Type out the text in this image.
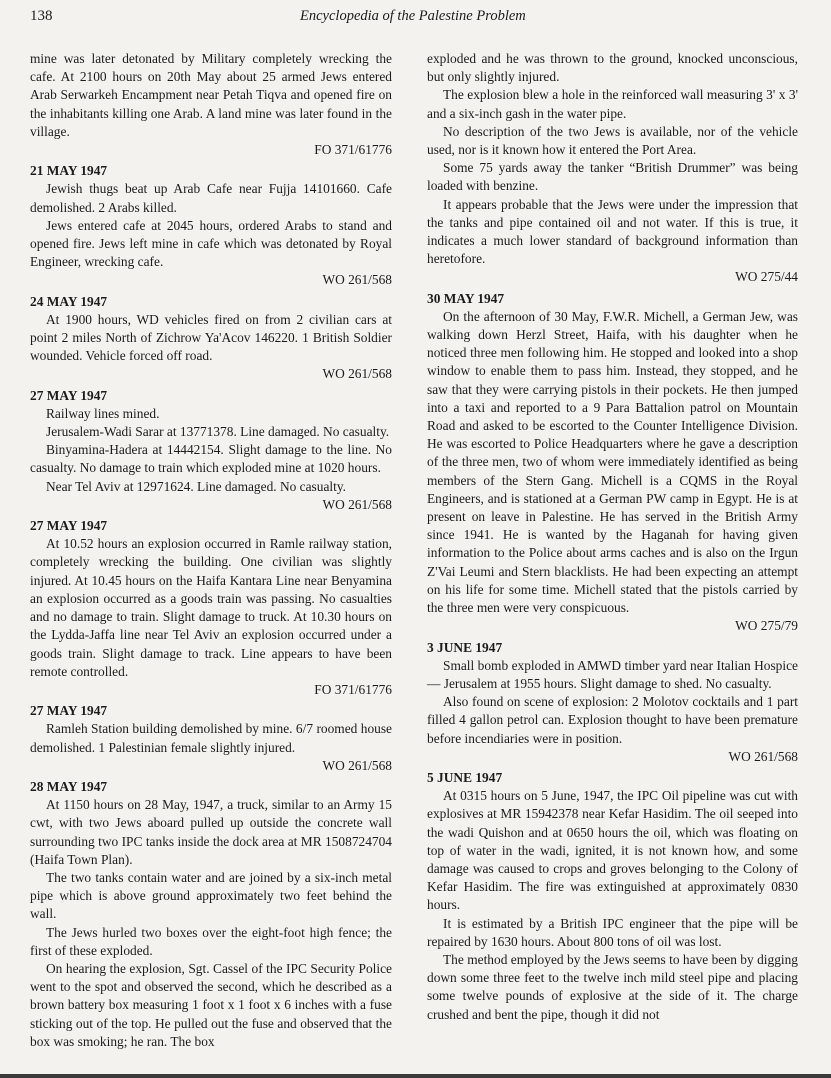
138	Encyclopedia of the Palestine Problem

mine was later detonated by Military completely wrecking the cafe. At 2100 hours on 20th May about 25 armed Jews entered Arab Serwarkeh Encampment near Petah Tiqva and opened fire on the inhabitants killing one Arab. A land mine was later found in the village.

FO 371/61776

21 MAY 1947

Jewish thugs beat up Arab Cafe near Fujja 14101660. Cafe demolished. 2 Arabs killed.

Jews entered cafe at 2045 hours, ordered Arabs to stand and opened fire. Jews left mine in cafe which was detonated by Royal Engineer, wrecking cafe.

WO 261/568

24 MAY 1947

At 1900 hours, WD vehicles fired on from 2 civilian cars at point 2 miles North of Zichrow Ya'Acov 146220. 1 British Soldier wounded. Vehicle forced off road.

WO 261/568

27 MAY 1947

Railway lines mined.

Jerusalem-Wadi Sarar at 13771378. Line damaged. No casualty.

Binyamina-Hadera at 14442154. Slight damage to the line. No casualty. No damage to train which exploded mine at 1020 hours.

Near Tel Aviv at 12971624. Line damaged. No casualty.

WO 261/568

27 MAY 1947

At 10.52 hours an explosion occurred in Ramle railway station, completely wrecking the building. One civilian was slightly injured. At 10.45 hours on the Haifa Kantara Line near Benyamina an explosion occurred as a goods train was passing. No casualties and no damage to train. Slight damage to truck. At 10.30 hours on the Lydda-Jaffa line near Tel Aviv an explosion occurred under a goods train. Slight damage to track. Line appears to have been remote controlled.

FO 371/61776

27 MAY 1947

Ramleh Station building demolished by mine. 6/7 roomed house demolished. 1 Palestinian female slightly injured.

WO 261/568

28 MAY 1947

At 1150 hours on 28 May, 1947, a truck, similar to an Army 15 cwt, with two Jews aboard pulled up outside the concrete wall surrounding two IPC tanks inside the dock area at MR 1508724704 (Haifa Town Plan).

The two tanks contain water and are joined by a six-inch metal pipe which is above ground approximately two feet behind the wall.

The Jews hurled two boxes over the eight-foot high fence; the first of these exploded.

On hearing the explosion, Sgt. Cassel of the IPC Security Police went to the spot and observed the second, which he described as a brown battery box measuring 1 foot x 1 foot x 6 inches with a fuse sticking out of the top. He pulled out the fuse and observed that the box was smoking; he ran. The box

exploded and he was thrown to the ground, knocked unconscious, but only slightly injured.

The explosion blew a hole in the reinforced wall measuring 3' x 3' and a six-inch gash in the water pipe.

No description of the two Jews is available, nor of the vehicle used, nor is it known how it entered the Port Area.

Some 75 yards away the tanker “British Drummer” was being loaded with benzine.

It appears probable that the Jews were under the impression that the tanks and pipe contained oil and not water. If this is true, it indicates a much lower standard of background information than heretofore.

WO 275/44

30 MAY 1947

On the afternoon of 30 May, F.W.R. Michell, a German Jew, was walking down Herzl Street, Haifa, with his daughter when he noticed three men following him. He stopped and looked into a shop window to enable them to pass him. Instead, they stopped, and he saw that they were carrying pistols in their pockets. He then jumped into a taxi and reported to a 9 Para Battalion patrol on Mountain Road and asked to be escorted to the Counter Intelligence Division. He was escorted to Police Headquarters where he gave a description of the three men, two of whom were immediately identified as being members of the Stern Gang. Michell is a CQMS in the Royal Engineers, and is stationed at a German PW camp in Egypt. He is at present on leave in Palestine. He has served in the British Army since 1941. He is wanted by the Haganah for having given information to the Police about arms caches and is also on the Irgun Z'Vai Leumi and Stern blacklists. He had been expecting an attempt on his life for some time. Michell stated that the pistols carried by the three men were very conspicuous.

WO 275/79

3 JUNE 1947

Small bomb exploded in AMWD timber yard near Italian Hospice — Jerusalem at 1955 hours. Slight damage to shed. No casualty.

Also found on scene of explosion: 2 Molotov cocktails and 1 part filled 4 gallon petrol can. Explosion thought to have been premature before incendiaries were in position.

WO 261/568

5 JUNE 1947

At 0315 hours on 5 June, 1947, the IPC Oil pipeline was cut with explosives at MR 15942378 near Kefar Hasidim. The oil seeped into the wadi Quishon and at 0650 hours the oil, which was floating on top of water in the wadi, ignited, it is not known how, and some damage was caused to crops and groves belonging to the Colony of Kefar Hasidim. The fire was extinguished at approximately 0830 hours.

It is estimated by a British IPC engineer that the pipe will be repaired by 1630 hours. About 800 tons of oil was lost.

The method employed by the Jews seems to have been by digging down some three feet to the twelve inch mild steel pipe and placing some twelve pounds of explosive at the side of it. The charge crushed and bent the pipe, though it did not
